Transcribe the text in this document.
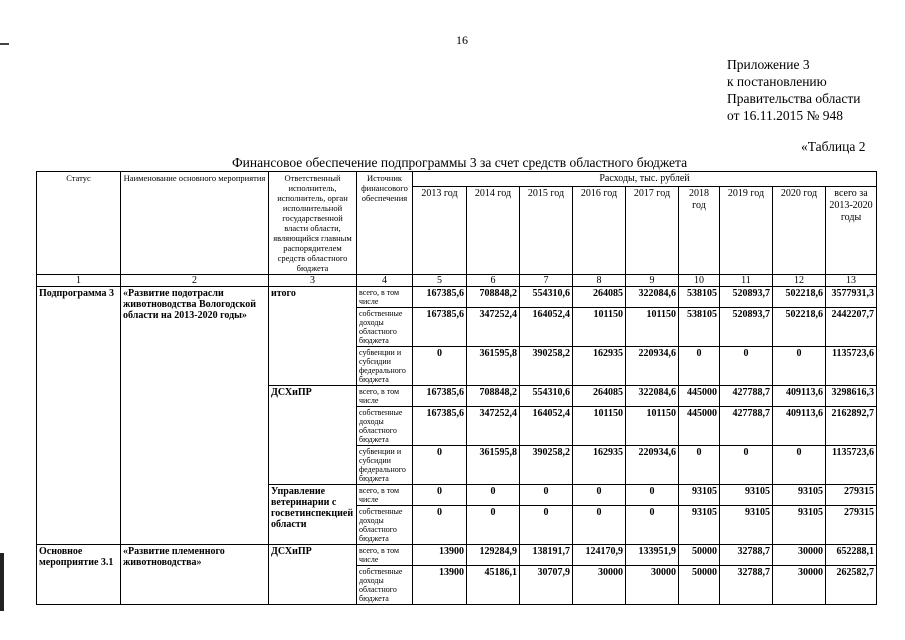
16
Приложение 3
к постановлению
Правительства области
от 16.11.2015 № 948
«Таблица 2
Финансовое обеспечение подпрограммы 3 за счет средств областного бюджета
Статус	Наименование основного мероприятия	Ответственный исполнитель, исполнитель, орган исполнительной государственной власти области, являющийся главным распорядителем средств областного бюджета	Источник финансового обеспечения	Расходы, тыс. рублей								
				2013 год	2014 год	2015 год	2016 год	2017 год	2018 год	2019 год	2020 год	всего за 2013-2020 годы
1	2	3	4	5	6	7	8	9	10	11	12	13
Подпрограмма 3	«Развитие подотрасли животноводства Вологодской области на 2013-2020 годы»	итого	всего, в том числе	167385,6	708848,2	554310,6	264085	322084,6	538105	520893,7	502218,6	3577931,3
			собственные доходы областного бюджета	167385,6	347252,4	164052,4	101150	101150	538105	520893,7	502218,6	2442207,7
			субвенции и субсидии федерального бюджета	0	361595,8	390258,2	162935	220934,6	0	0	0	1135723,6
		ДСХиПР	всего, в том числе	167385,6	708848,2	554310,6	264085	322084,6	445000	427788,7	409113,6	3298616,3
			собственные доходы областного бюджета	167385,6	347252,4	164052,4	101150	101150	445000	427788,7	409113,6	2162892,7
			субвенции и субсидии федерального бюджета	0	361595,8	390258,2	162935	220934,6	0	0	0	1135723,6
		Управление ветеринарии с госветинспекцией области	всего, в том числе	0	0	0	0	0	93105	93105	93105	279315
			собственные доходы областного бюджета	0	0	0	0	0	93105	93105	93105	279315
Основное мероприятие 3.1	«Развитие племенного животноводства»	ДСХиПР	всего, в том числе	13900	129284,9	138191,7	124170,9	133951,9	50000	32788,7	30000	652288,1
			собственные доходы областного бюджета	13900	45186,1	30707,9	30000	30000	50000	32788,7	30000	262582,7
